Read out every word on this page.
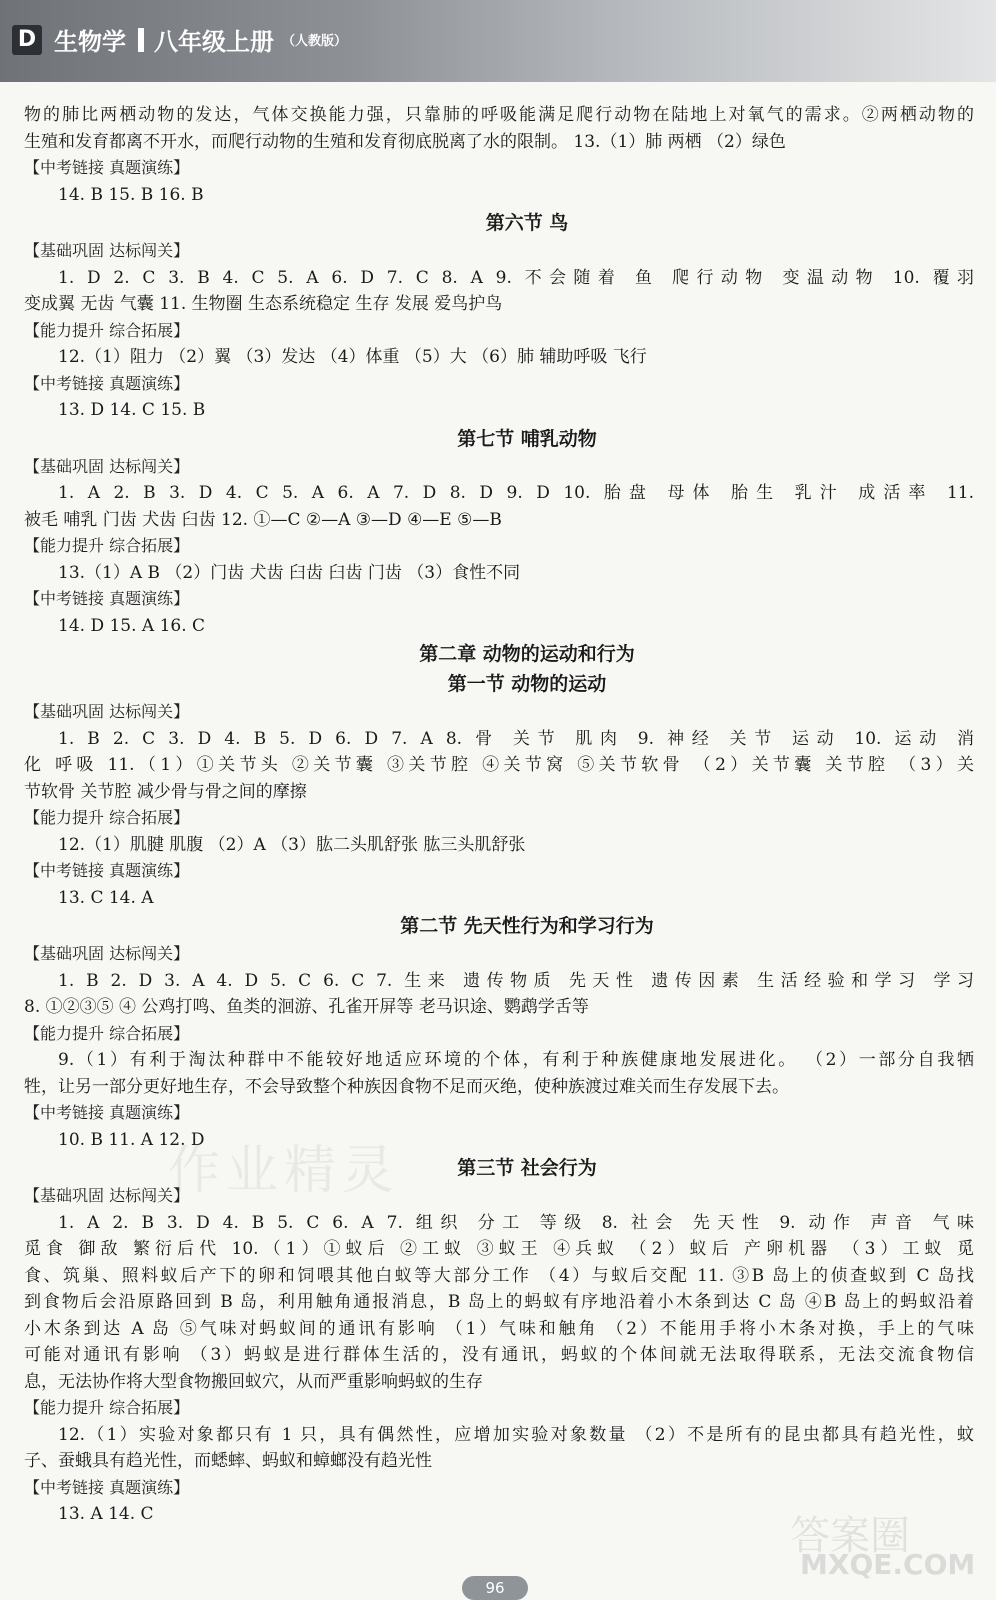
D 生物学 八年级上册 （人教版）
物的肺比两栖动物的发达，气体交换能力强，只靠肺的呼吸能满足爬行动物在陆地上对氧气的需求。②两栖动物的
生殖和发育都离不开水，而爬行动物的生殖和发育彻底脱离了水的限制。 13.（1）肺 两栖 （2）绿色
【中考链接 真题演练】
14. B 15. B 16. B
第六节 鸟
【基础巩固 达标闯关】
1. D 2. C 3. B 4. C 5. A 6. D 7. C 8. A 9. 不会随着 鱼 爬行动物 变温动物 10. 覆羽
变成翼 无齿 气囊 11. 生物圈 生态系统稳定 生存 发展 爱鸟护鸟
【能力提升 综合拓展】
12.（1）阻力 （2）翼 （3）发达 （4）体重 （5）大 （6）肺 辅助呼吸 飞行
【中考链接 真题演练】
13. D 14. C 15. B
第七节 哺乳动物
【基础巩固 达标闯关】
1. A 2. B 3. D 4. C 5. A 6. A 7. D 8. D 9. D 10. 胎盘 母体 胎生 乳汁 成活率 11.
被毛 哺乳 门齿 犬齿 臼齿 12. ①—C ②—A ③—D ④—E ⑤—B
【能力提升 综合拓展】
13.（1）A B （2）门齿 犬齿 臼齿 臼齿 门齿 （3）食性不同
【中考链接 真题演练】
14. D 15. A 16. C
第二章 动物的运动和行为
第一节 动物的运动
【基础巩固 达标闯关】
1. B 2. C 3. D 4. B 5. D 6. D 7. A 8. 骨 关节 肌肉 9. 神经 关节 运动 10. 运动 消
化 呼吸 11.（1）①关节头 ②关节囊 ③关节腔 ④关节窝 ⑤关节软骨 （2）关节囊 关节腔 （3）关
节软骨 关节腔 减少骨与骨之间的摩擦
【能力提升 综合拓展】
12.（1）肌腱 肌腹 （2）A （3）肱二头肌舒张 肱三头肌舒张
【中考链接 真题演练】
13. C 14. A
第二节 先天性行为和学习行为
【基础巩固 达标闯关】
1. B 2. D 3. A 4. D 5. C 6. C 7. 生来 遗传物质 先天性 遗传因素 生活经验和学习 学习
8. ①②③⑤ ④ 公鸡打鸣、鱼类的洄游、孔雀开屏等 老马识途、鹦鹉学舌等
【能力提升 综合拓展】
9.（1）有利于淘汰种群中不能较好地适应环境的个体，有利于种族健康地发展进化。 （2）一部分自我牺
牲，让另一部分更好地生存，不会导致整个种族因食物不足而灭绝，使种族渡过难关而生存发展下去。
【中考链接 真题演练】
10. B 11. A 12. D
第三节 社会行为
【基础巩固 达标闯关】
1. A 2. B 3. D 4. B 5. C 6. A 7. 组织 分工 等级 8. 社会 先天性 9. 动作 声音 气味
觅食 御敌 繁衍后代 10.（1）①蚁后 ②工蚁 ③蚁王 ④兵蚁 （2）蚁后 产卵机器 （3）工蚁 觅
食、筑巢、照料蚁后产下的卵和饲喂其他白蚁等大部分工作 （4）与蚁后交配 11. ③B 岛上的侦查蚁到 C 岛找
到食物后会沿原路回到 B 岛，利用触角通报消息，B 岛上的蚂蚁有序地沿着小木条到达 C 岛 ④B 岛上的蚂蚁沿着
小木条到达 A 岛 ⑤气味对蚂蚁间的通讯有影响 （1）气味和触角 （2）不能用手将小木条对换，手上的气味
可能对通讯有影响 （3）蚂蚁是进行群体生活的，没有通讯，蚂蚁的个体间就无法取得联系，无法交流食物信
息，无法协作将大型食物搬回蚁穴，从而严重影响蚂蚁的生存
【能力提升 综合拓展】
12.（1）实验对象都只有 1 只，具有偶然性，应增加实验对象数量 （2）不是所有的昆虫都具有趋光性，蚊
子、蚕蛾具有趋光性，而蟋蟀、蚂蚁和蟑螂没有趋光性
【中考链接 真题演练】
13. A 14. C
作业精灵
答案圈
MXQE.COM
96
